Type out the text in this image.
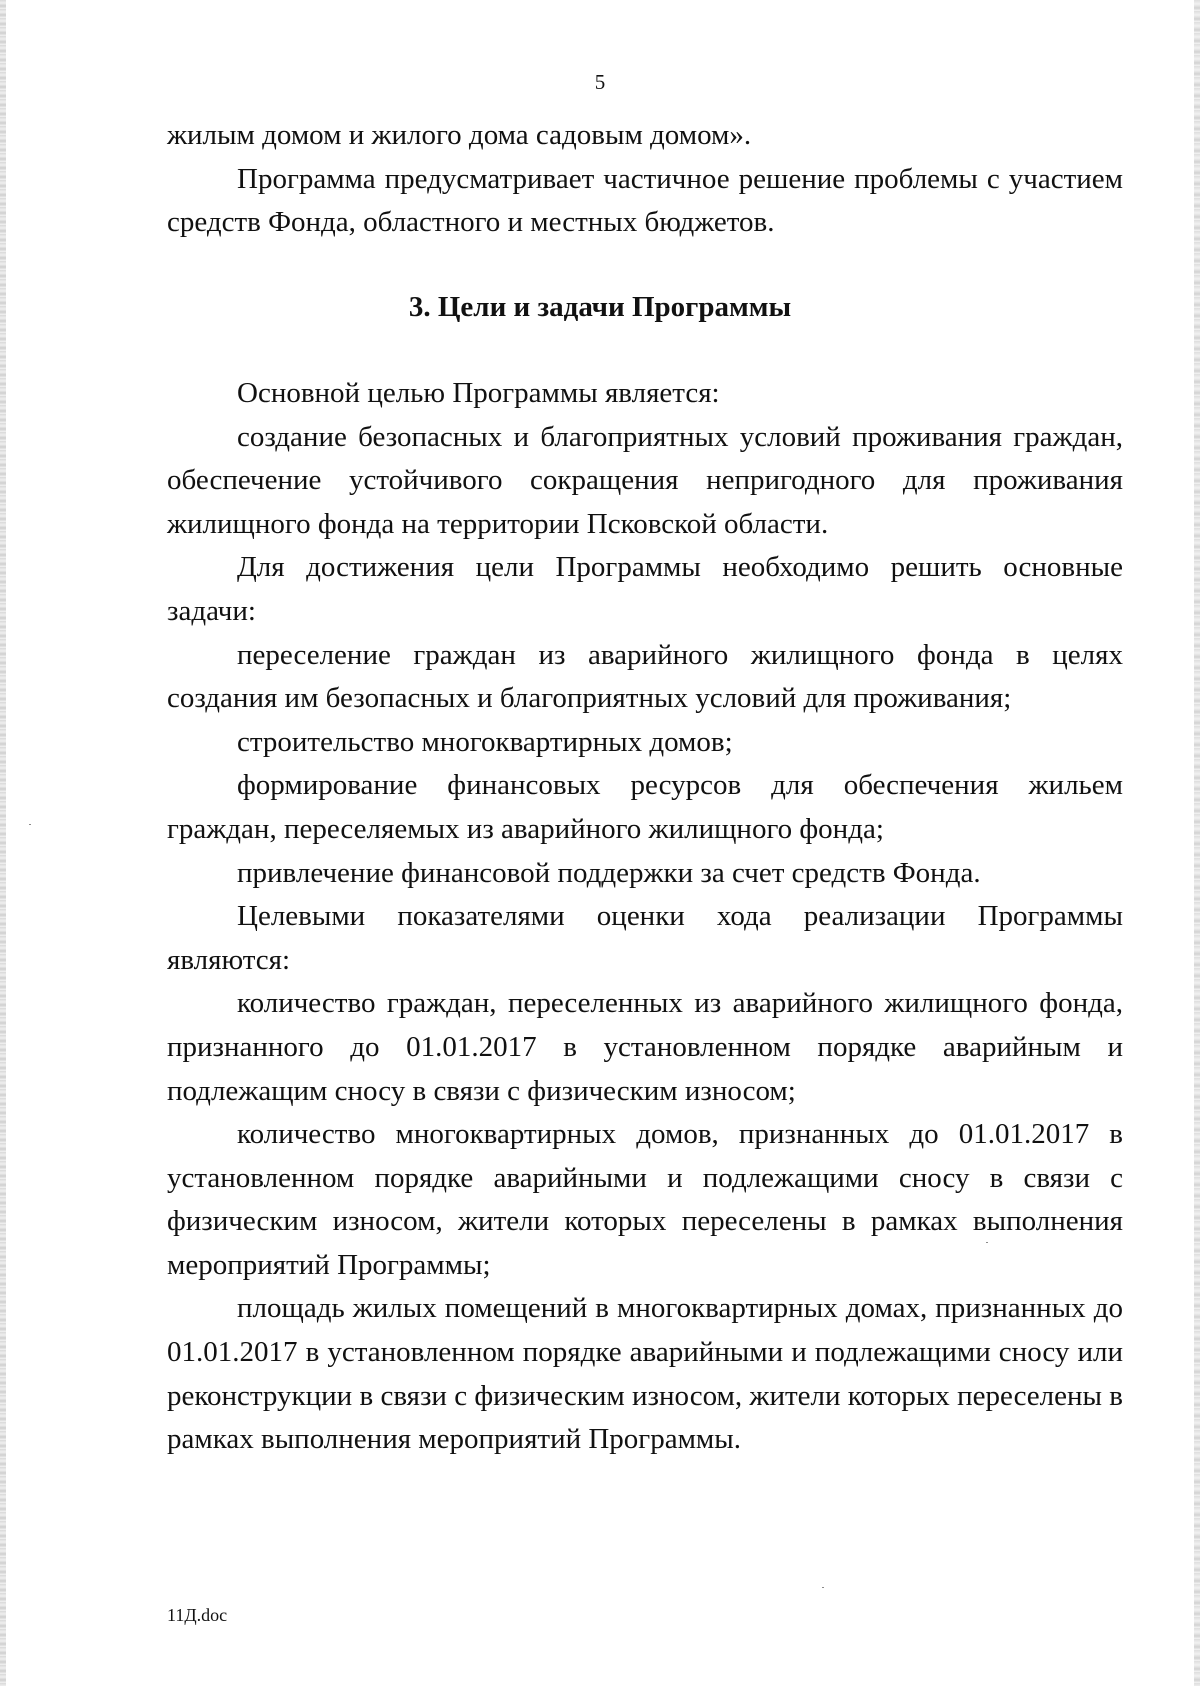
5

жилым домом и жилого дома садовым домом».

Программа предусматривает частичное решение проблемы с участием средств Фонда, областного и местных бюджетов.

3. Цели и задачи Программы

Основной целью Программы является:

создание безопасных и благоприятных условий проживания граждан, обеспечение устойчивого сокращения непригодного для проживания жилищного фонда на территории Псковской области.

Для достижения цели Программы необходимо решить основные задачи:

переселение граждан из аварийного жилищного фонда в целях создания им безопасных и благоприятных условий для проживания;

строительство многоквартирных домов;

формирование финансовых ресурсов для обеспечения жильем граждан, переселяемых из аварийного жилищного фонда;

привлечение финансовой поддержки за счет средств Фонда.

Целевыми показателями оценки хода реализации Программы являются:

количество граждан, переселенных из аварийного жилищного фонда, признанного до 01.01.2017 в установленном порядке аварийным и подлежащим сносу в связи с физическим износом;

количество многоквартирных домов, признанных до 01.01.2017 в установленном порядке аварийными и подлежащими сносу в связи с физическим износом, жители которых переселены в рамках выполнения мероприятий Программы;

площадь жилых помещений в многоквартирных домах, признанных до 01.01.2017 в установленном порядке аварийными и подлежащими сносу или реконструкции в связи с физическим износом, жители которых переселены в рамках выполнения мероприятий Программы.

11Д.doc
